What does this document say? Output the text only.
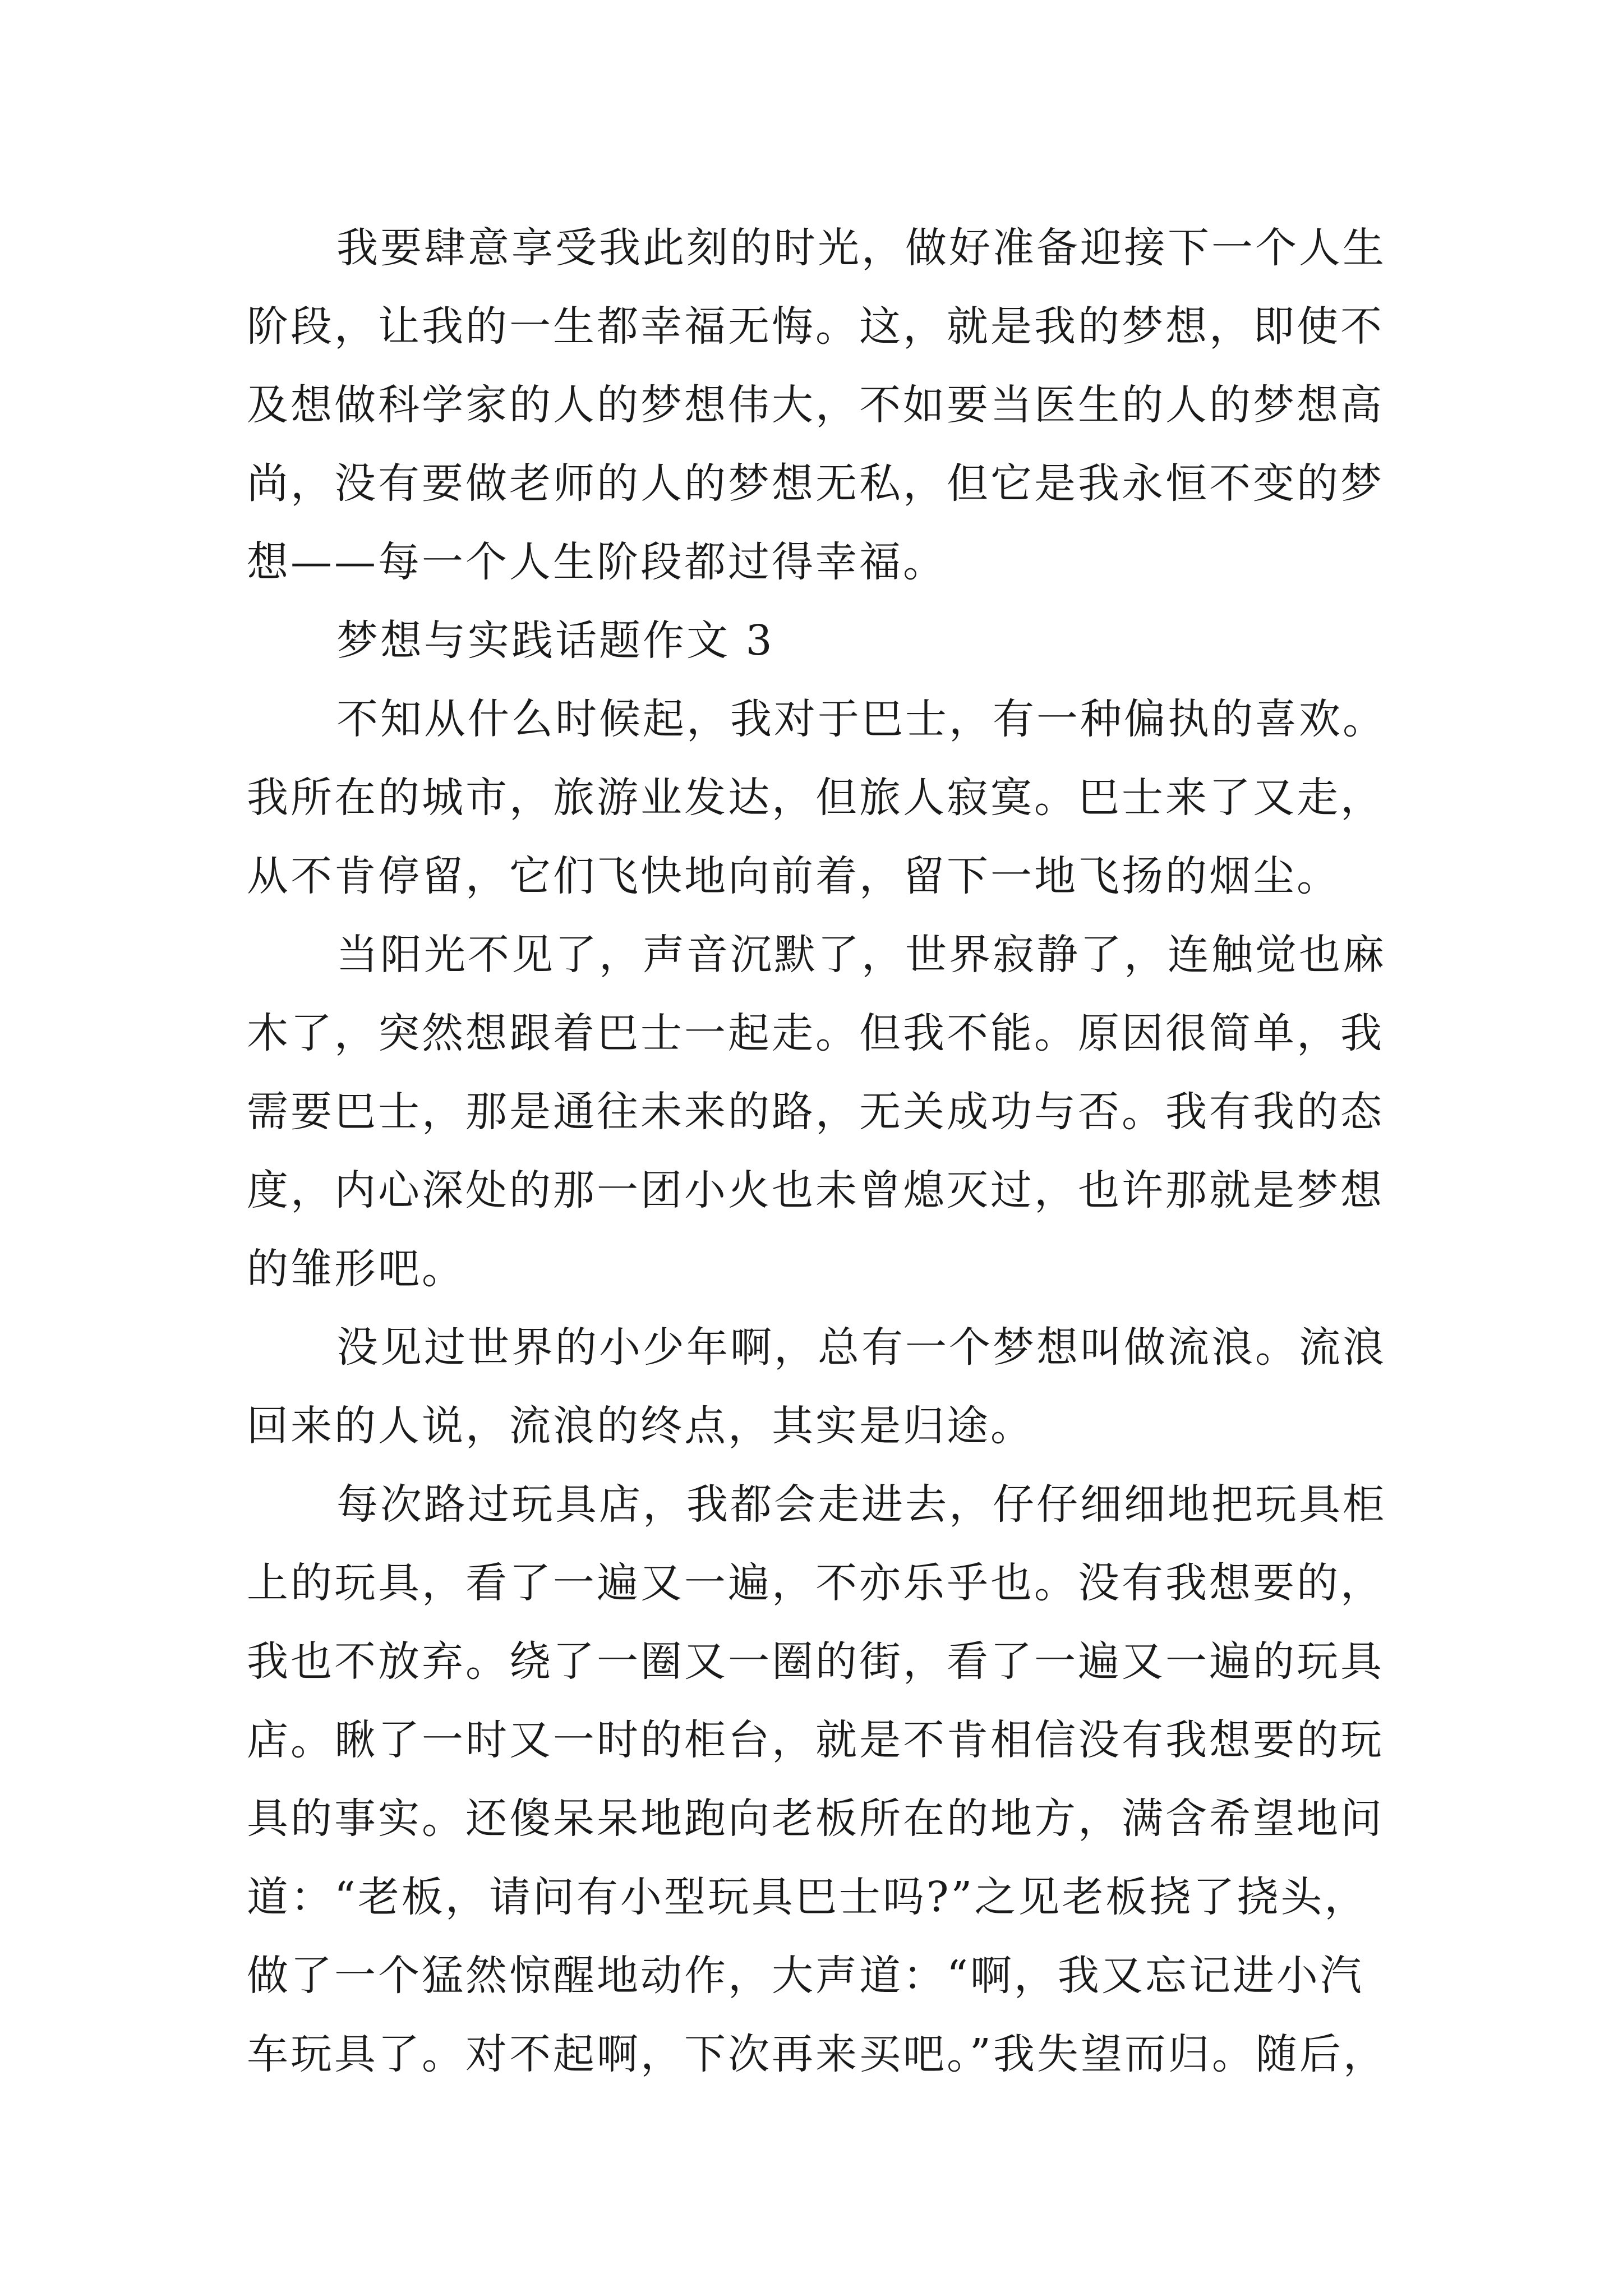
我要肆意享受我此刻的时光，做好准备迎接下一个人生
阶段，让我的一生都幸福无悔。这，就是我的梦想，即使不
及想做科学家的人的梦想伟大，不如要当医生的人的梦想高
尚，没有要做老师的人的梦想无私，但它是我永恒不变的梦
想——每一个人生阶段都过得幸福。
梦想与实践话题作文 3
不知从什么时候起，我对于巴士，有一种偏执的喜欢。
我所在的城市，旅游业发达，但旅人寂寞。巴士来了又走，
从不肯停留，它们飞快地向前着，留下一地飞扬的烟尘。
当阳光不见了，声音沉默了，世界寂静了，连触觉也麻
木了，突然想跟着巴士一起走。但我不能。原因很简单，我
需要巴士，那是通往未来的路，无关成功与否。我有我的态
度，内心深处的那一团小火也未曾熄灭过，也许那就是梦想
的雏形吧。
没见过世界的小少年啊，总有一个梦想叫做流浪。流浪
回来的人说，流浪的终点，其实是归途。
每次路过玩具店，我都会走进去，仔仔细细地把玩具柜
上的玩具，看了一遍又一遍，不亦乐乎也。没有我想要的，
我也不放弃。绕了一圈又一圈的街，看了一遍又一遍的玩具
店。瞅了一时又一时的柜台，就是不肯相信没有我想要的玩
具的事实。还傻呆呆地跑向老板所在的地方，满含希望地问
道：“老板，请问有小型玩具巴士吗?”之见老板挠了挠头，
做了一个猛然惊醒地动作，大声道：“啊，我又忘记进小汽
车玩具了。对不起啊，下次再来买吧。”我失望而归。随后，
